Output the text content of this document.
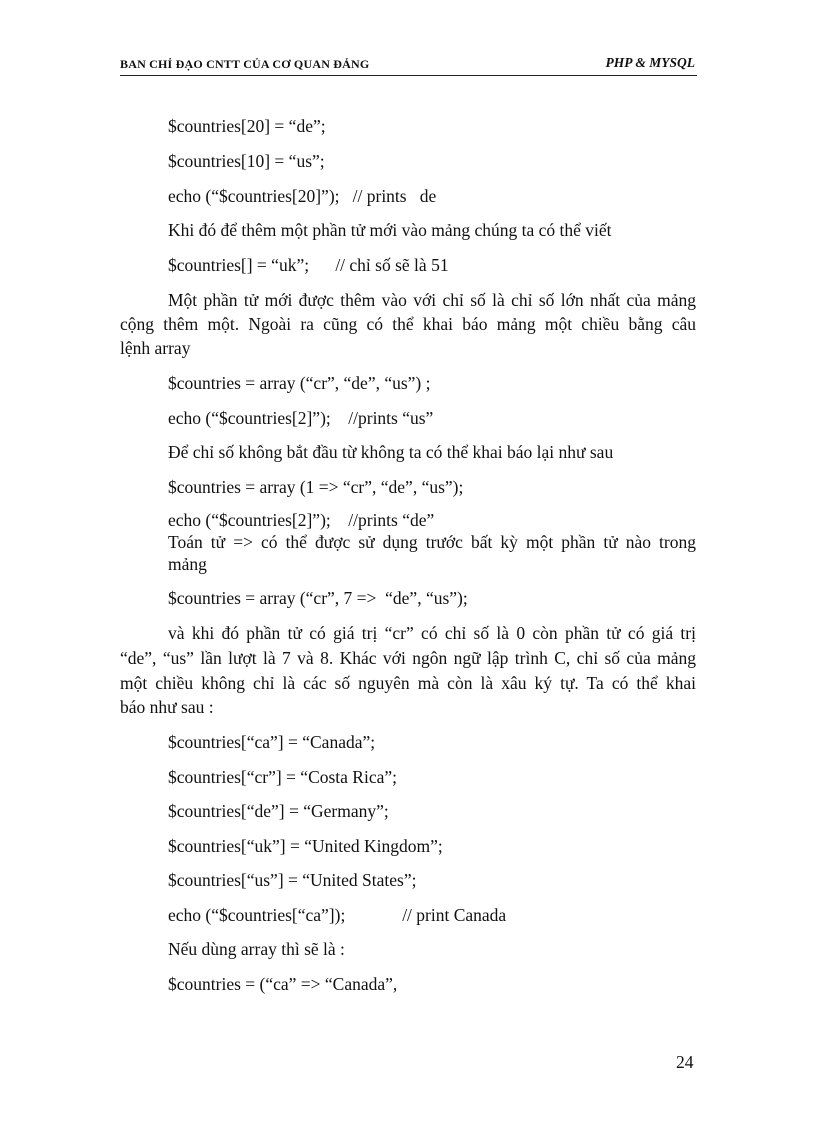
BAN CHỈ ĐẠO CNTT CỦA CƠ QUAN ĐẢNG	PHP & MYSQL
$countries[20] = “de”;
$countries[10] = “us”;
echo (“$countries[20]”);   // prints   de
Khi đó để thêm một phần tử mới vào mảng chúng ta có thể viết
$countries[] = “uk”;      // chỉ số sẽ là 51
Một phần tử mới được thêm vào với chỉ số là chỉ số lớn nhất của mảng
cộng thêm một. Ngoài ra cũng có thể khai báo mảng một chiều bằng câu
lệnh array
$countries = array (“cr”, “de”, “us”) ;
echo (“$countries[2]”);    //prints “us”
Để chỉ số không bắt đầu từ không ta có thể khai báo lại như sau
$countries = array (1 => “cr”, “de”, “us”);
echo (“$countries[2]”);    //prints “de”
Toán tử => có thể được sử dụng trước bất kỳ một phần tử nào trong
mảng
$countries = array (“cr”, 7 =>  “de”, “us”);
và khi đó phần tử có giá trị “cr” có chỉ số là 0 còn phần tử có giá trị
“de”, “us” lần lượt là 7 và 8. Khác với ngôn ngữ lập trình C, chỉ số của mảng
một chiều không chỉ là các số nguyên mà còn là xâu ký tự. Ta có thể khai
báo như sau :
$countries[“ca”] = “Canada”;
$countries[“cr”] = “Costa Rica”;
$countries[“de”] = “Germany”;
$countries[“uk”] = “United Kingdom”;
$countries[“us”] = “United States”;
echo (“$countries[“ca”]);             // print Canada
Nếu dùng array thì sẽ là :
$countries = (“ca” => “Canada”,
24
